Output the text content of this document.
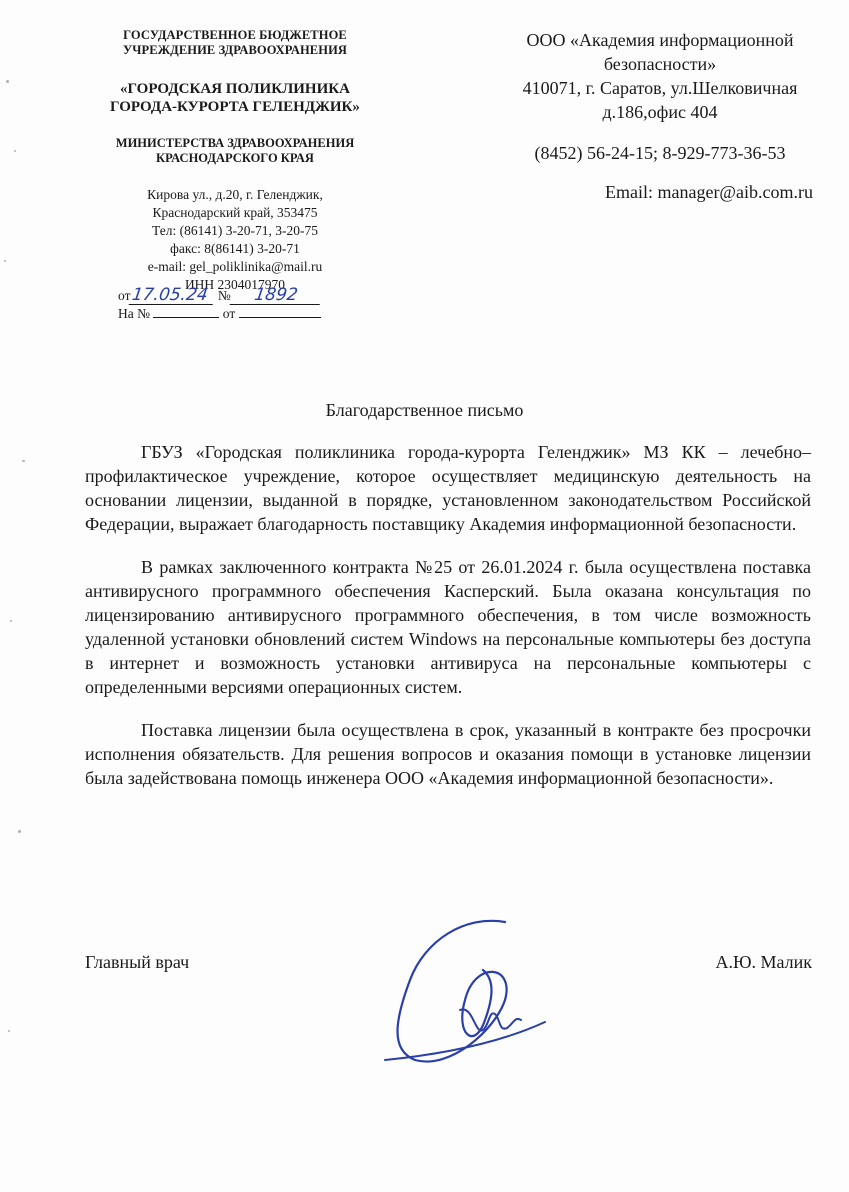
ГОСУДАРСТВЕННОЕ БЮДЖЕТНОЕ
УЧРЕЖДЕНИЕ ЗДРАВООХРАНЕНИЯ
«ГОРОДСКАЯ ПОЛИКЛИНИКА
ГОРОДА-КУРОРТА ГЕЛЕНДЖИК»
МИНИСТЕРСТВА ЗДРАВООХРАНЕНИЯ
КРАСНОДАРСКОГО КРАЯ
Кирова ул., д.20, г. Геленджик,
Краснодарский край, 353475
Тел: (86141) 3-20-71, 3-20-75
факс: 8(86141) 3-20-71
e-mail: gel_poliklinika@mail.ru
ИНН 2304017970
от17.05.24 № 1892
На №	от
ООО «Академия информационной
безопасности»
410071, г. Саратов, ул.Шелковичная
д.186,офис 404
(8452) 56-24-15; 8-929-773-36-53
Email: manager@aib.com.ru
Благодарственное письмо

ГБУЗ «Городская поликлиника города-курорта Геленджик» МЗ КК – лечебно–профилактическое учреждение, которое осуществляет медицинскую деятельность на основании лицензии, выданной в порядке, установленном законодательством Российской Федерации, выражает благодарность поставщику Академия информационной безопасности.

В рамках заключенного контракта №25 от 26.01.2024 г. была осуществлена поставка антивирусного программного обеспечения Касперский. Была оказана консультация по лицензированию антивирусного программного обеспечения, в том числе возможность удаленной установки обновлений систем Windows на персональные компьютеры без доступа в интернет и возможность установки антивируса на персональные компьютеры с определенными версиями операционных систем.

Поставка лицензии была осуществлена в срок, указанный в контракте без просрочки исполнения обязательств. Для решения вопросов и оказания помощи в установке лицензии была задействована помощь инженера ООО «Академия информационной безопасности».

Главный врач	А.Ю. Малик
